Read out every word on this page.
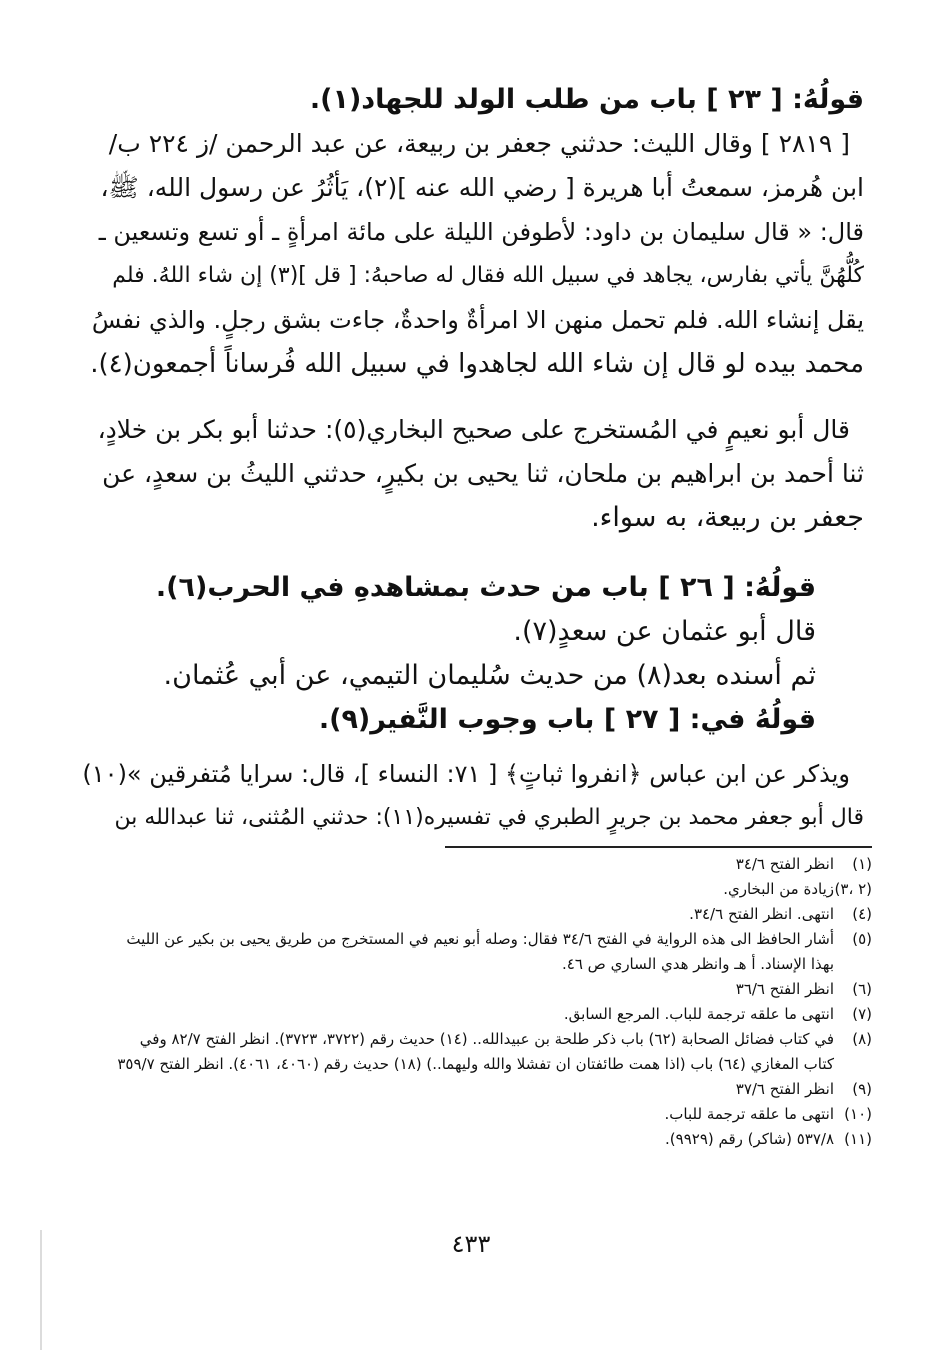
قولُهُ: [ ٢٣ ] باب من طلب الولد للجهاد(١).
[ ٢٨١٩ ] وقال الليث: حدثني جعفر بن ربيعة، عن عبد الرحمن /ز ٢٢٤ ب/
ابن هُرمز، سمعتُ أبا هريرة [ رضي الله عنه ](٢)، يَأثُرُ عن رسول الله، ﷺ،
قال: « قال سليمان بن داود: لأطوفن الليلة على مائة امرأةٍ ـ أو تسع وتسعين ـ
كُلُّهُنَّ يأتي بفارس، يجاهد في سبيل الله فقال له صاحبهُ: [ قل ](٣) إن شاء اللهُ. فلم
يقل إنشاء الله. فلم تحمل منهن الا امرأةٌ واحدةٌ، جاءت بشق رجلٍ. والذي نفسُ
محمد بيده لو قال إن شاء الله لجاهدوا في سبيل الله فُرساناً أجمعون(٤).
قال أبو نعيمٍ في المُستخرج على صحيح البخاري(٥): حدثنا أبو بكر بن خلادٍ،
ثنا أحمد بن ابراهيم بن ملحان، ثنا يحيى بن بكيرٍ، حدثني الليثُ بن سعدٍ، عن
جعفر بن ربيعة، به سواء.
قولُهُ: [ ٢٦ ] باب من حدث بمشاهدهِ في الحرب(٦).
قال أبو عثمان عن سعدٍ(٧).
ثم أسنده بعد(٨) من حديث سُليمان التيمي، عن أبي عُثمان.
قولُهُ في: [ ٢٧ ] باب وجوب النَّفير(٩).
ويذكر عن ابن عباس ﴿انفروا ثباتٍ﴾ [ ٧١: النساء ]، قال: سرايا مُتفرقين »(١٠)
قال أبو جعفر محمد بن جريرٍ الطبري في تفسيره(١١): حدثني المُثنى، ثنا عبدالله بن
(١)
انظر الفتح ٣٤/٦
(٢ ،٣)
زيادة من البخاري.
(٤)
انتهى. انظر الفتح ٣٤/٦.
(٥)
أشار الحافظ الى هذه الرواية في الفتح ٣٤/٦ فقال: وصله أبو نعيم في المستخرج من طريق يحيى بن بكير عن الليث بهذا الإسناد. أ هـ وانظر هدي الساري ص ٤٦.
(٦)
انظر الفتح ٣٦/٦
(٧)
انتهى ما علقه ترجمة للباب. المرجع السابق.
(٨)
في كتاب فضائل الصحابة (٦٢) باب ذكر طلحة بن عبيدالله.. (١٤) حديث رقم (٣٧٢٢، ٣٧٢٣). انظر الفتح ٨٢/٧ وفي كتاب المغازي (٦٤) باب (اذا همت طائفتان ان تفشلا والله وليهما..) (١٨) حديث رقم (٤٠٦٠، ٤٠٦١). انظر الفتح ٣٥٩/٧
(٩)
انظر الفتح ٣٧/٦
(١٠)
انتهى ما علقه ترجمة للباب.
(١١)
٥٣٧/٨ (شاكر) رقم (٩٩٢٩).
٤٣٣
